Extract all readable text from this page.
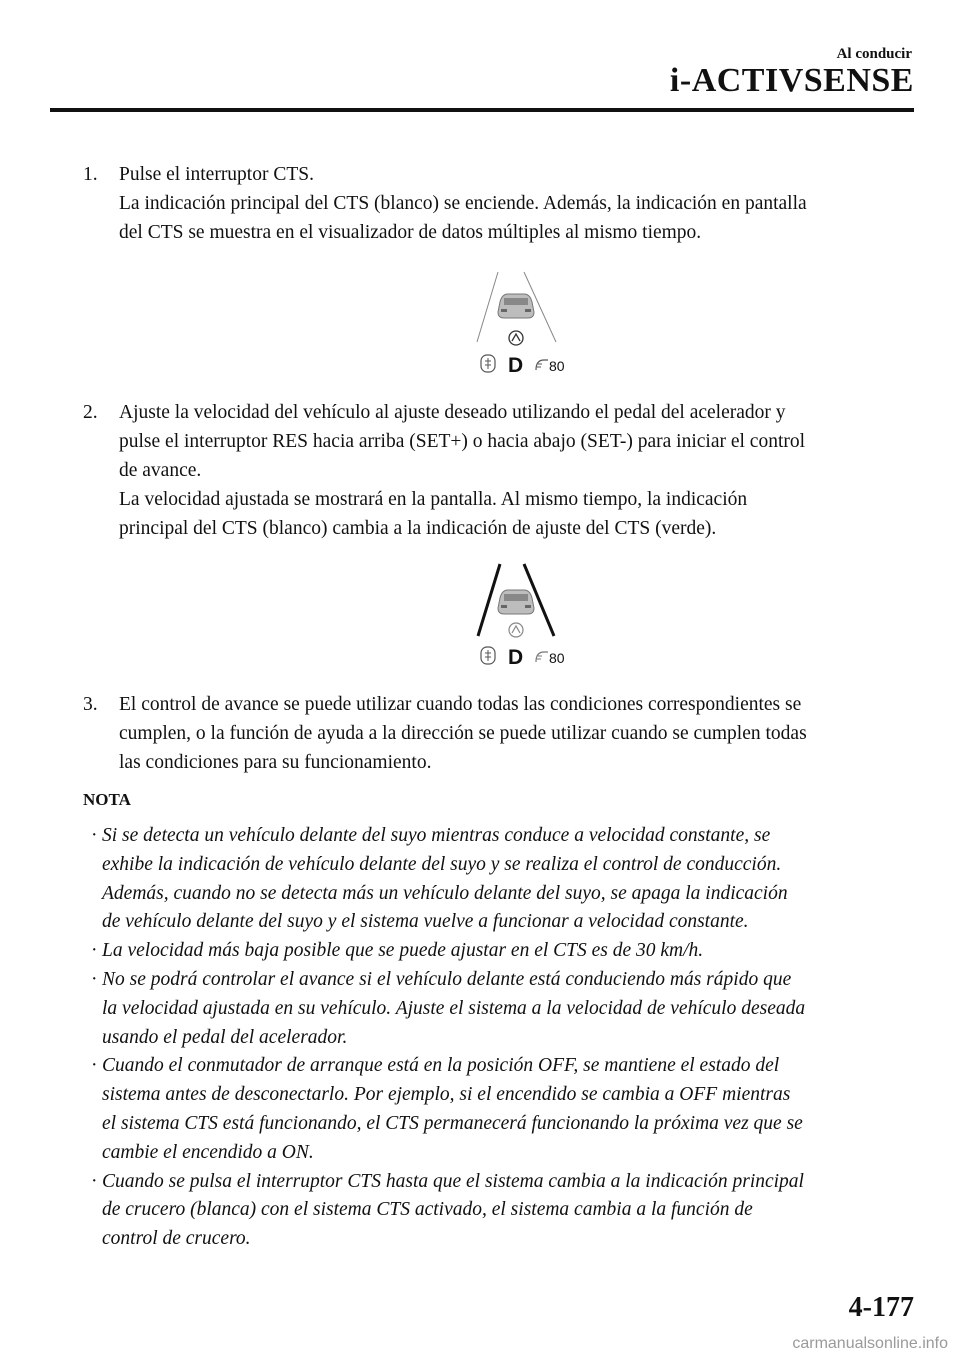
Al conducir
i-ACTIVSENSE
1. Pulse el interruptor CTS.
La indicación principal del CTS (blanco) se enciende. Además, la indicación en pantalla
del CTS se muestra en el visualizador de datos múltiples al mismo tiempo.
D 80
2. Ajuste la velocidad del vehículo al ajuste deseado utilizando el pedal del acelerador y
pulse el interruptor RES hacia arriba (SET+) o hacia abajo (SET-) para iniciar el control
de avance.
La velocidad ajustada se mostrará en la pantalla. Al mismo tiempo, la indicación
principal del CTS (blanco) cambia a la indicación de ajuste del CTS (verde).
D 80
3. El control de avance se puede utilizar cuando todas las condiciones correspondientes se
cumplen, o la función de ayuda a la dirección se puede utilizar cuando se cumplen todas
las condiciones para su funcionamiento.
NOTA
· Si se detecta un vehículo delante del suyo mientras conduce a velocidad constante, se
exhibe la indicación de vehículo delante del suyo y se realiza el control de conducción.
Además, cuando no se detecta más un vehículo delante del suyo, se apaga la indicación
de vehículo delante del suyo y el sistema vuelve a funcionar a velocidad constante.
· La velocidad más baja posible que se puede ajustar en el CTS es de 30 km/h.
· No se podrá controlar el avance si el vehículo delante está conduciendo más rápido que
la velocidad ajustada en su vehículo. Ajuste el sistema a la velocidad de vehículo deseada
usando el pedal del acelerador.
· Cuando el conmutador de arranque está en la posición OFF, se mantiene el estado del
sistema antes de desconectarlo. Por ejemplo, si el encendido se cambia a OFF mientras
el sistema CTS está funcionando, el CTS permanecerá funcionando la próxima vez que se
cambie el encendido a ON.
· Cuando se pulsa el interruptor CTS hasta que el sistema cambia a la indicación principal
de crucero (blanca) con el sistema CTS activado, el sistema cambia a la función de
control de crucero.
4-177
carmanualsonline.info
